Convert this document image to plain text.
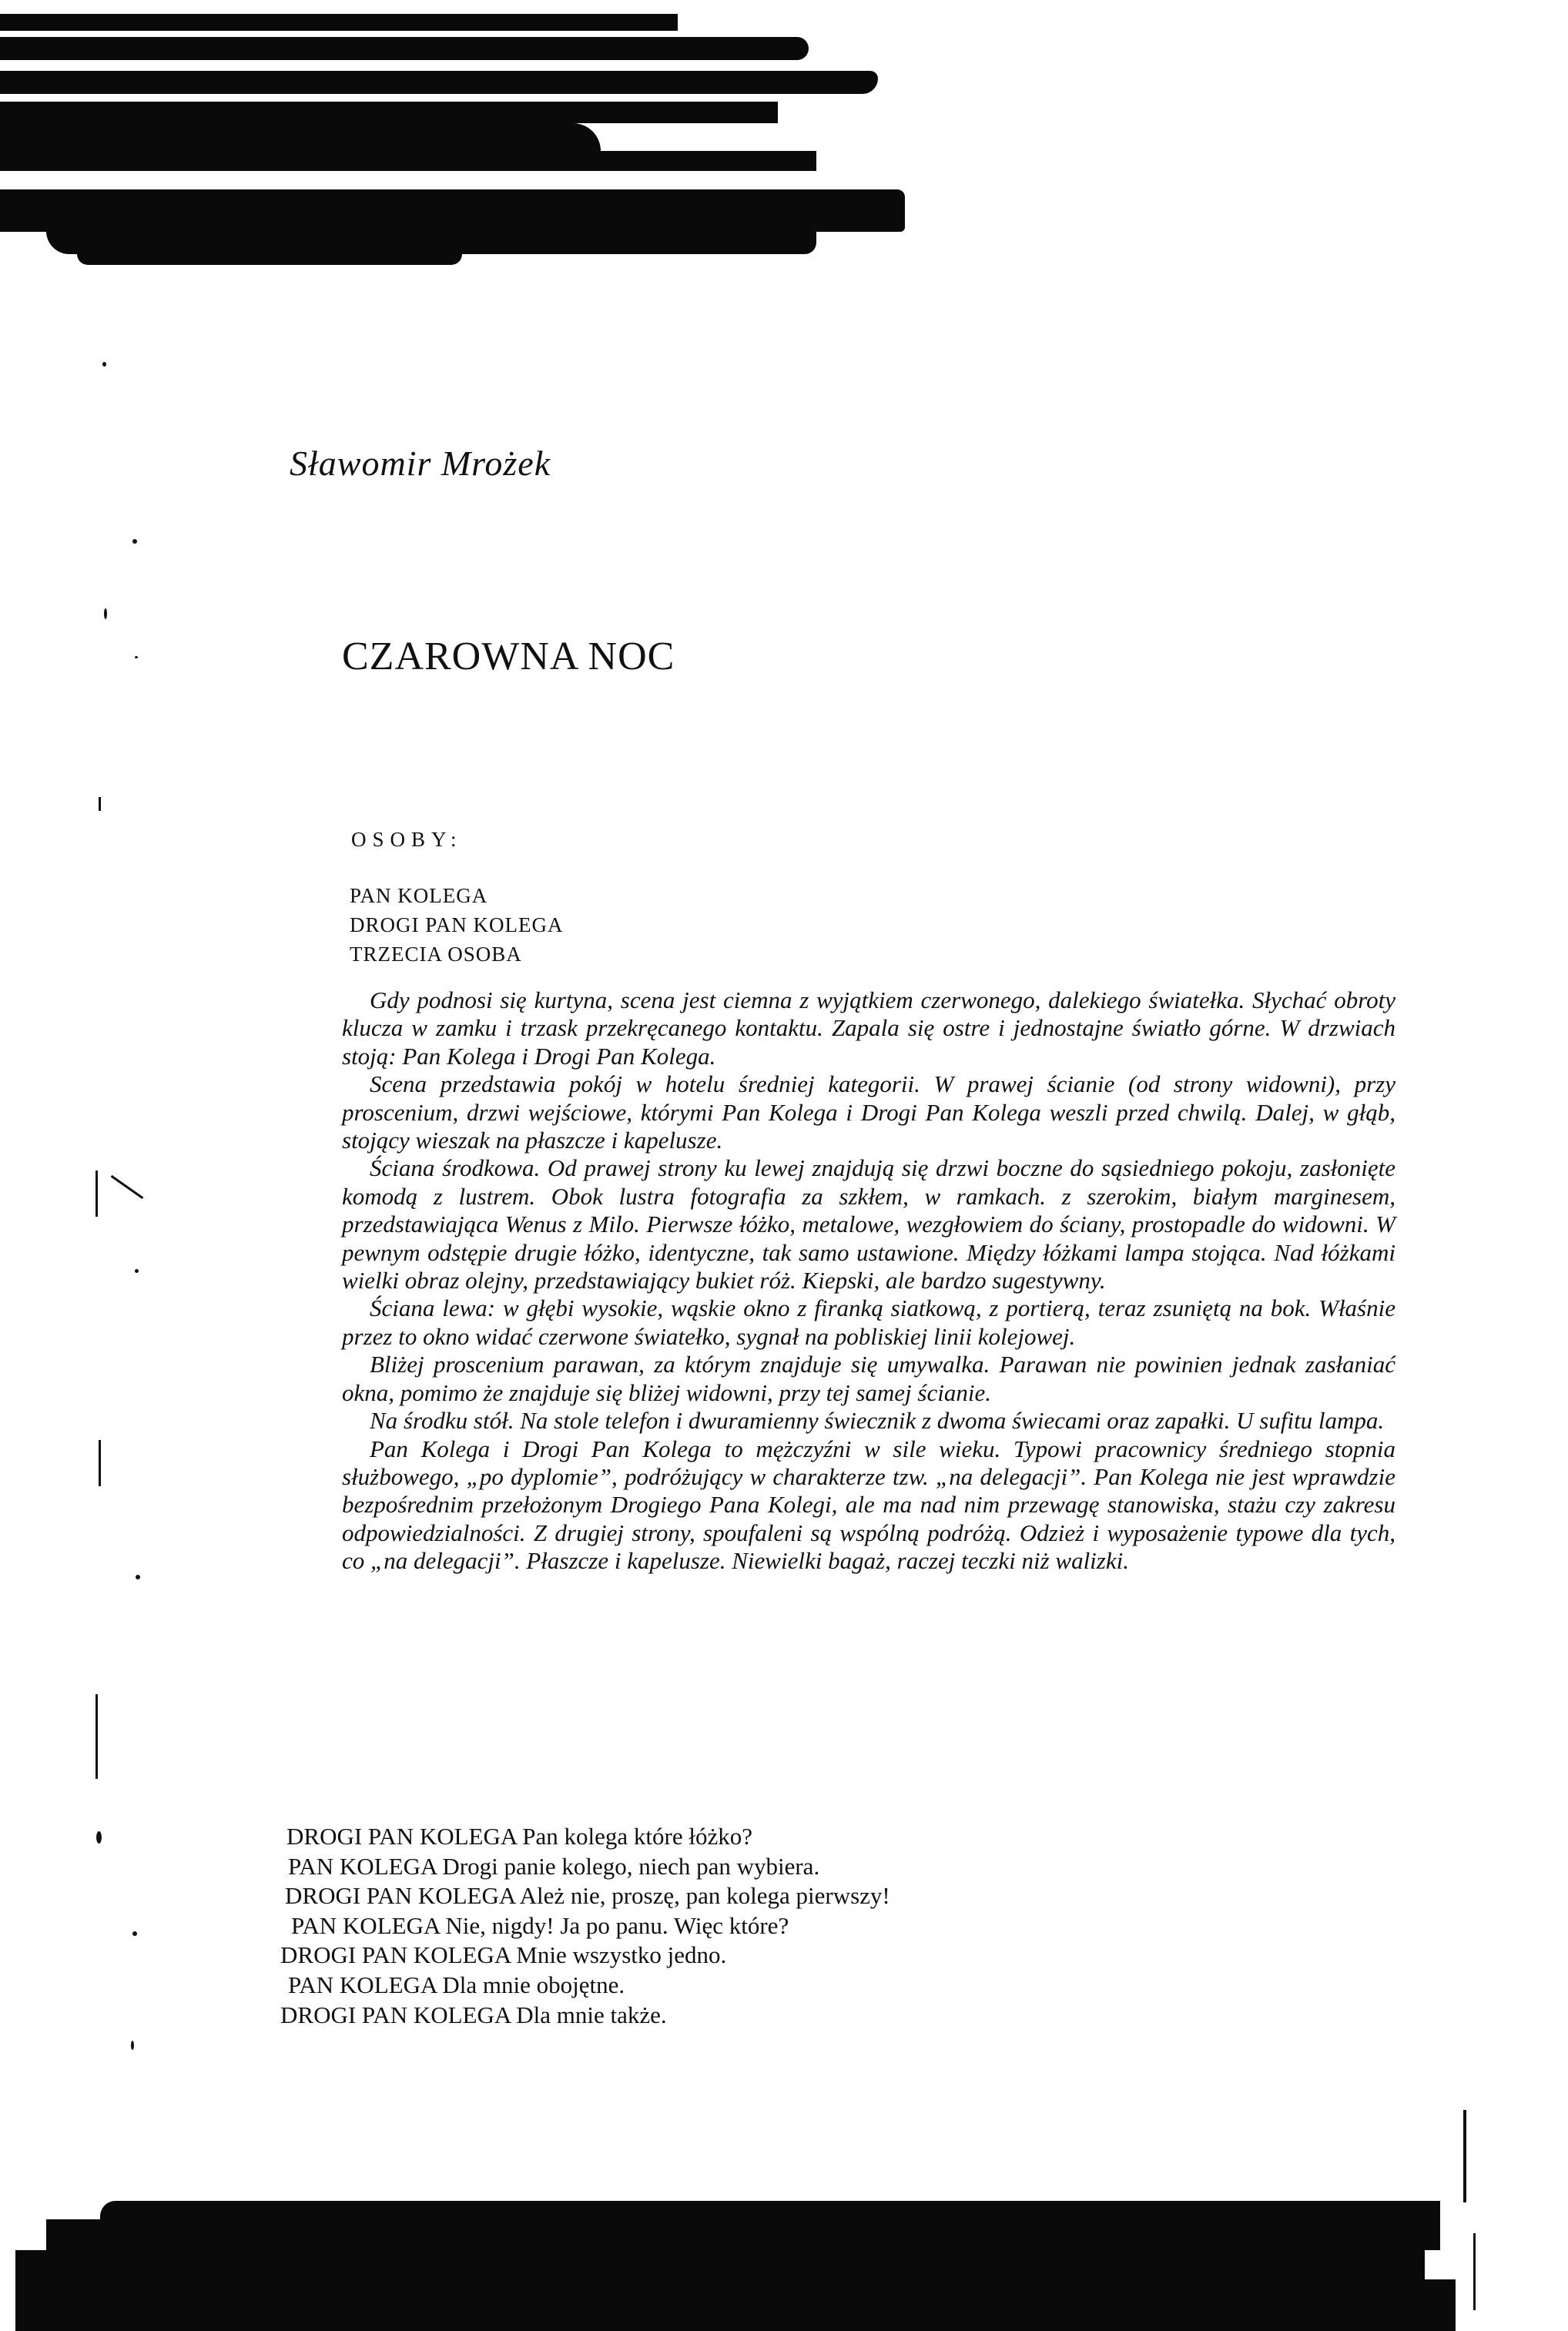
Sławomir Mrożek
CZAROWNA NOC
OSOBY:
PAN KOLEGA
DROGI PAN KOLEGA
TRZECIA OSOBA

Gdy podnosi się kurtyna, scena jest ciemna z wyjątkiem czerwonego, dalekiego światełka. Słychać obroty klucza w zamku i trzask przekręcanego kontaktu. Zapala się ostre i jednostajne światło górne. W drzwiach stoją: Pan Kolega i Drogi Pan Kolega.

Scena przedstawia pokój w hotelu średniej kategorii. W prawej ścianie (od strony widowni), przy proscenium, drzwi wejściowe, którymi Pan Kolega i Drogi Pan Kolega weszli przed chwilą. Dalej, w głąb, stojący wieszak na płaszcze i kapelusze.

Ściana środkowa. Od prawej strony ku lewej znajdują się drzwi boczne do sąsiedniego pokoju, zasłonięte komodą z lustrem. Obok lustra fotografia za szkłem, w ramkach. z szerokim, białym marginesem, przedstawiająca Wenus z Milo. Pierwsze łóżko, metalowe, wezgłowiem do ściany, prostopadle do widowni. W pewnym odstępie drugie łóżko, identyczne, tak samo ustawione. Między łóżkami lampa stojąca. Nad łóżkami wielki obraz olejny, przedstawiający bukiet róż. Kiepski, ale bardzo sugestywny.

Ściana lewa: w głębi wysokie, wąskie okno z firanką siatkową, z portierą, teraz zsuniętą na bok. Właśnie przez to okno widać czerwone światełko, sygnał na pobliskiej linii kolejowej.

Bliżej proscenium parawan, za którym znajduje się umywalka. Parawan nie powinien jednak zasłaniać okna, pomimo że znajduje się bliżej widowni, przy tej samej ścianie.

Na środku stół. Na stole telefon i dwuramienny świecznik z dwoma świecami oraz zapałki. U sufitu lampa.

Pan Kolega i Drogi Pan Kolega to mężczyźni w sile wieku. Typowi pracownicy średniego stopnia służbowego, „po dyplomie”, podróżujący w charakterze tzw. „na delegacji”. Pan Kolega nie jest wprawdzie bezpośrednim przełożonym Drogiego Pana Kolegi, ale ma nad nim przewagę stanowiska, stażu czy zakresu odpowiedzialności. Z drugiej strony, spoufaleni są wspólną podróżą. Odzież i wyposażenie typowe dla tych, co „na delegacji”. Płaszcze i kapelusze. Niewielki bagaż, raczej teczki niż walizki.

DROGI PAN KOLEGA Pan kolega które łóżko?
PAN KOLEGA Drogi panie kolego, niech pan wybiera.
DROGI PAN KOLEGA Ależ nie, proszę, pan kolega pierwszy!
PAN KOLEGA Nie, nigdy! Ja po panu. Więc które?
DROGI PAN KOLEGA Mnie wszystko jedno.
PAN KOLEGA Dla mnie obojętne.
DROGI PAN KOLEGA Dla mnie także.
